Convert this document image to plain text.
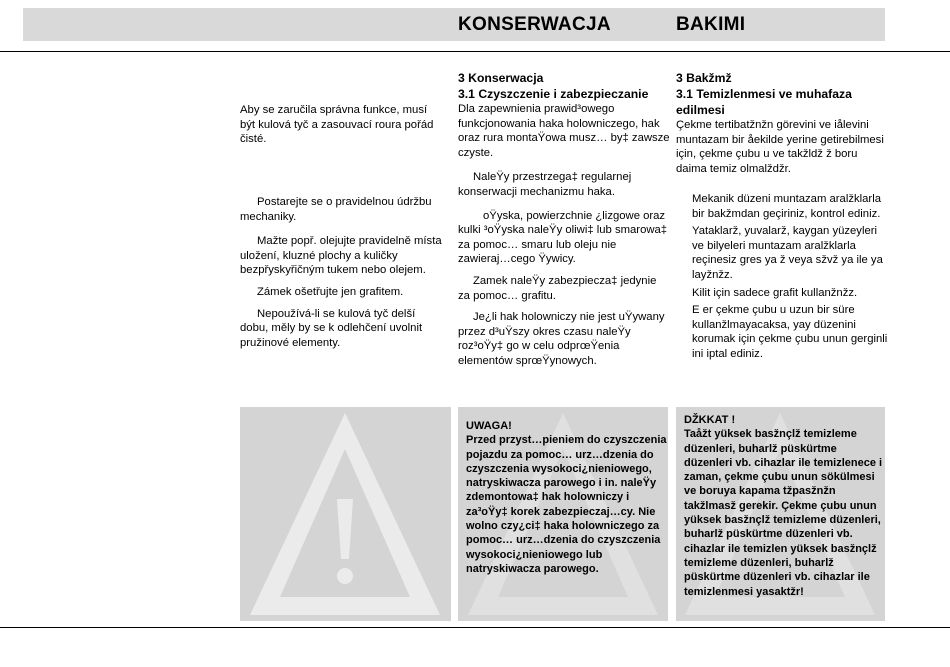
KONSERWACJA	BAKIMI

Aby se zaručila správna funkce, musí být kulová tyč a zasouvací roura pořád čisté.

Postarejte se o pravidelnou údržbu mechaniky.

Mažte popř. olejujte pravidelně místa uložení, kluzné plochy a kuličky bezpřyskyřičným tukem nebo olejem.

Zámek ošetřujte jen grafitem.

Nepoužívá-li se kulová tyč delší dobu, měly by se k odlehčení uvolnit pružinové elementy.

3 Konserwacja

3.1 Czyszczenie i zabezpieczanie

Dla zapewnienia prawid³owego funkcjonowania haka holowniczego, hak oraz rura montaŸowa musz… by‡ zawsze czyste.

NaleŸy przestrzega‡ regularnej konserwacji mechanizmu haka.

oŸyska, powierzchnie ¿lizgowe oraz kulki ³oŸyska naleŸy oliwi‡ lub smarowa‡ za pomoc… smaru lub oleju nie zawieraj…cego Ÿywicy.

Zamek naleŸy zabezpiecza‡ jedynie za pomoc… grafitu.

Je¿li hak holowniczy nie jest uŸywany przez d³uŸszy okres czasu naleŸy roz³oŸy‡ go w celu odprœŸenia elementów sprœŸynowych.

3 Bakžmž

3.1 Temizlenmesi ve muhafaza edilmesi

Çekme tertibatžnžn görevini ve iålevini muntazam bir åekilde yerine getirebilmesi için, çekme çubu u ve takžldž ž boru daima temiz olmalždžr.

Mekanik düzeni muntazam aralžklarla bir bakžmdan geçiriniz, kontrol ediniz.

Yataklarž, yuvalarž, kaygan yüzeyleri ve bilyeleri muntazam aralžklarla reçinesiz gres ya ž veya sžvž ya ile ya layžnžz.

Kilit için sadece grafit kullanžnžz.

E er çekme çubu u uzun bir süre kullanžlmayacaksa, yay düzenini korumak için çekme çubu unun gerginli ini iptal ediniz.

UWAGA!

Przed przyst…pieniem do czyszczenia pojazdu za pomoc… urz…dzenia do czyszczenia wysokoci¿nieniowego, natryskiwacza parowego i in. naleŸy zdemontowa‡ hak holowniczy i za³oŸy‡ korek zabezpieczaj…cy. Nie wolno czy¿ci‡ haka holowniczego za pomoc… urz…dzenia do czyszczenia wysokoci¿nieniowego lub natryskiwacza parowego.

DŽKKAT !

Taåžt yüksek basžnçlž temizleme düzenleri, buharlž püskürtme düzenleri vb. cihazlar ile temizlenece i zaman, çekme çubu unun sökülmesi ve boruya kapama tžpasžnžn takžlmasž gerekir. Çekme çubu unun yüksek basžnçlž temizleme düzenleri, buharlž püskürtme düzenleri vb. cihazlar ile temizlen yüksek basžnçlž temizleme düzenleri, buharlž püskürtme düzenleri vb. cihazlar ile temizlenmesi yasaktžr!
